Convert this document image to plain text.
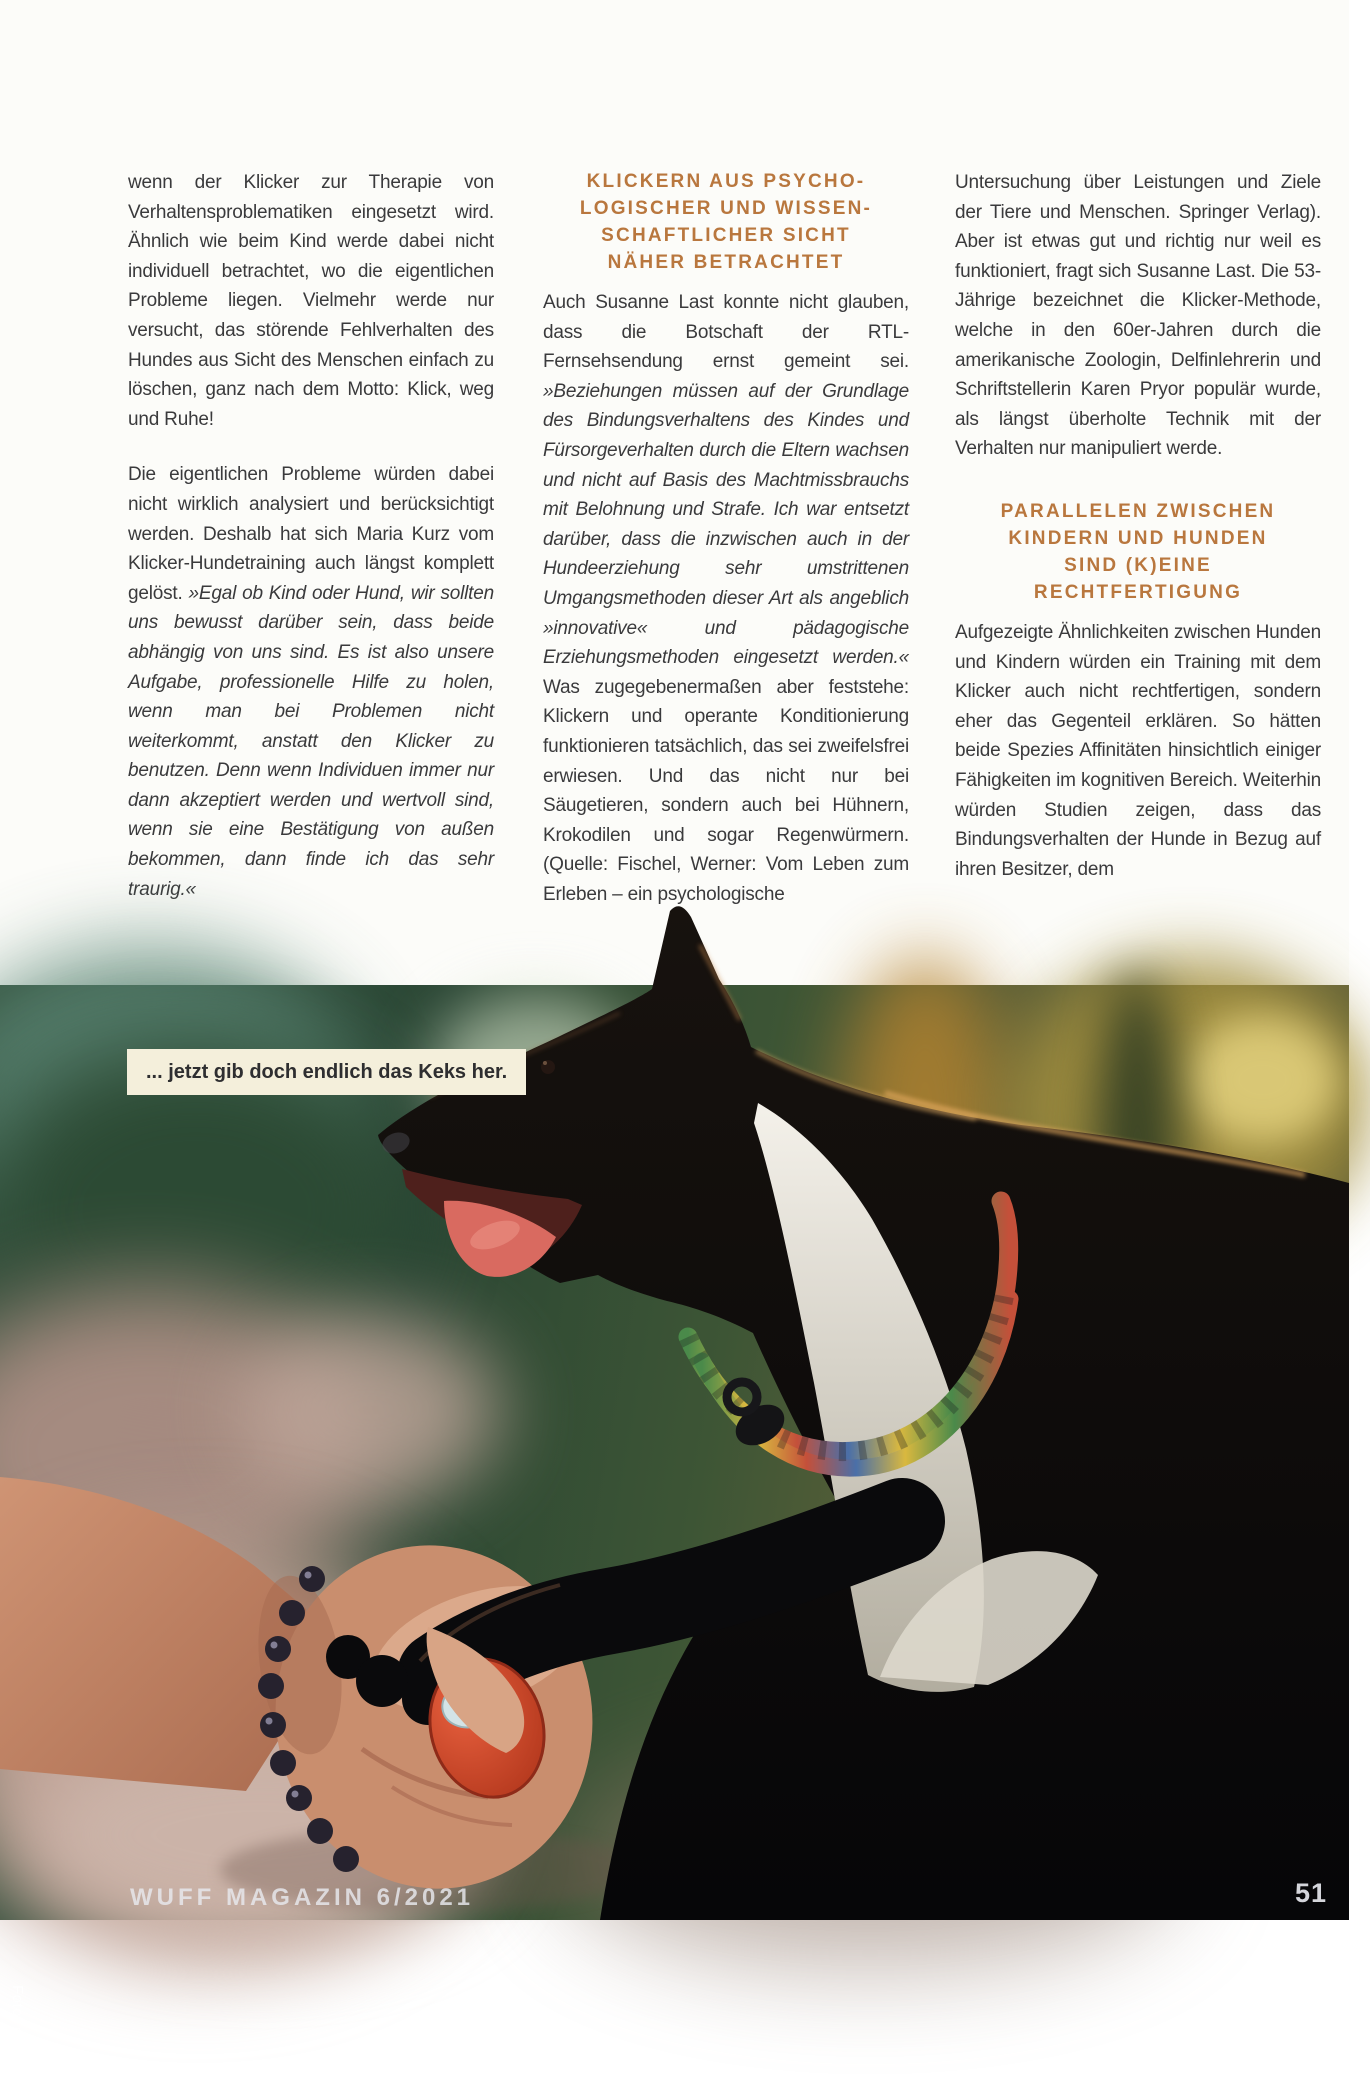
wenn der Klicker zur Therapie von Verhaltensproblematiken eingesetzt wird. Ähnlich wie beim Kind werde dabei nicht individuell betrachtet, wo die eigentlichen Probleme liegen. Vielmehr werde nur versucht, das störende Fehlverhalten des Hundes aus Sicht des Menschen einfach zu löschen, ganz nach dem Motto: Klick, weg und Ruhe!

Die eigentlichen Probleme würden dabei nicht wirklich analysiert und berücksichtigt werden. Deshalb hat sich Maria Kurz vom Klicker-Hundetraining auch längst komplett gelöst. »Egal ob Kind oder Hund, wir sollten uns bewusst darüber sein, dass beide abhängig von uns sind. Es ist also unsere Aufgabe, professionelle Hilfe zu holen, wenn man bei Problemen nicht weiterkommt, anstatt den Klicker zu benutzen. Denn wenn Individuen immer nur dann akzeptiert werden und wertvoll sind, wenn sie eine Bestätigung von außen bekommen, dann finde ich das sehr traurig.«

KLICKERN AUS PSYCHO-
LOGISCHER UND WISSEN-
SCHAFTLICHER SICHT
NÄHER BETRACHTET

Auch Susanne Last konnte nicht glauben, dass die Botschaft der RTL-Fernsehsendung ernst gemeint sei. »Beziehungen müssen auf der Grundlage des Bindungsverhaltens des Kindes und Fürsorgeverhalten durch die Eltern wachsen und nicht auf Basis des Machtmissbrauchs mit Belohnung und Strafe. Ich war entsetzt darüber, dass die inzwischen auch in der Hundeerziehung sehr umstrittenen Umgangsmethoden dieser Art als angeblich »innovative« und pädagogische Erziehungsmethoden eingesetzt werden.« Was zugegebenermaßen aber feststehe: Klickern und operante Konditionierung funktionieren tatsächlich, das sei zweifelsfrei erwiesen. Und das nicht nur bei Säugetieren, sondern auch bei Hühnern, Krokodilen und sogar Regenwürmern. (Quelle: Fischel, Werner: Vom Leben zum Erleben – ein psychologische

Untersuchung über Leistungen und Ziele der Tiere und Menschen. Springer Verlag). Aber ist etwas gut und richtig nur weil es funktioniert, fragt sich Susanne Last. Die 53-Jährige bezeichnet die Klicker-Methode, welche in den 60er-Jahren durch die amerikanische Zoologin, Delfinlehrerin und Schriftstellerin Karen Pryor populär wurde, als längst überholte Technik mit der Verhalten nur manipuliert werde.

PARALLELEN ZWISCHEN
KINDERN UND HUNDEN
SIND (K)EINE
RECHTFERTIGUNG

Aufgezeigte Ähnlichkeiten zwischen Hunden und Kindern würden ein Training mit dem Klicker auch nicht rechtfertigen, sondern eher das Gegenteil erklären. So hätten beide Spezies Affinitäten hinsichtlich einiger Fähigkeiten im kognitiven Bereich. Weiterhin würden Studien zeigen, dass das Bindungsverhalten der Hunde in Bezug auf ihren Besitzer, dem

Foto: melounix
... jetzt gib doch endlich das Keks her.
WUFF MAGAZIN 6/2021	51
